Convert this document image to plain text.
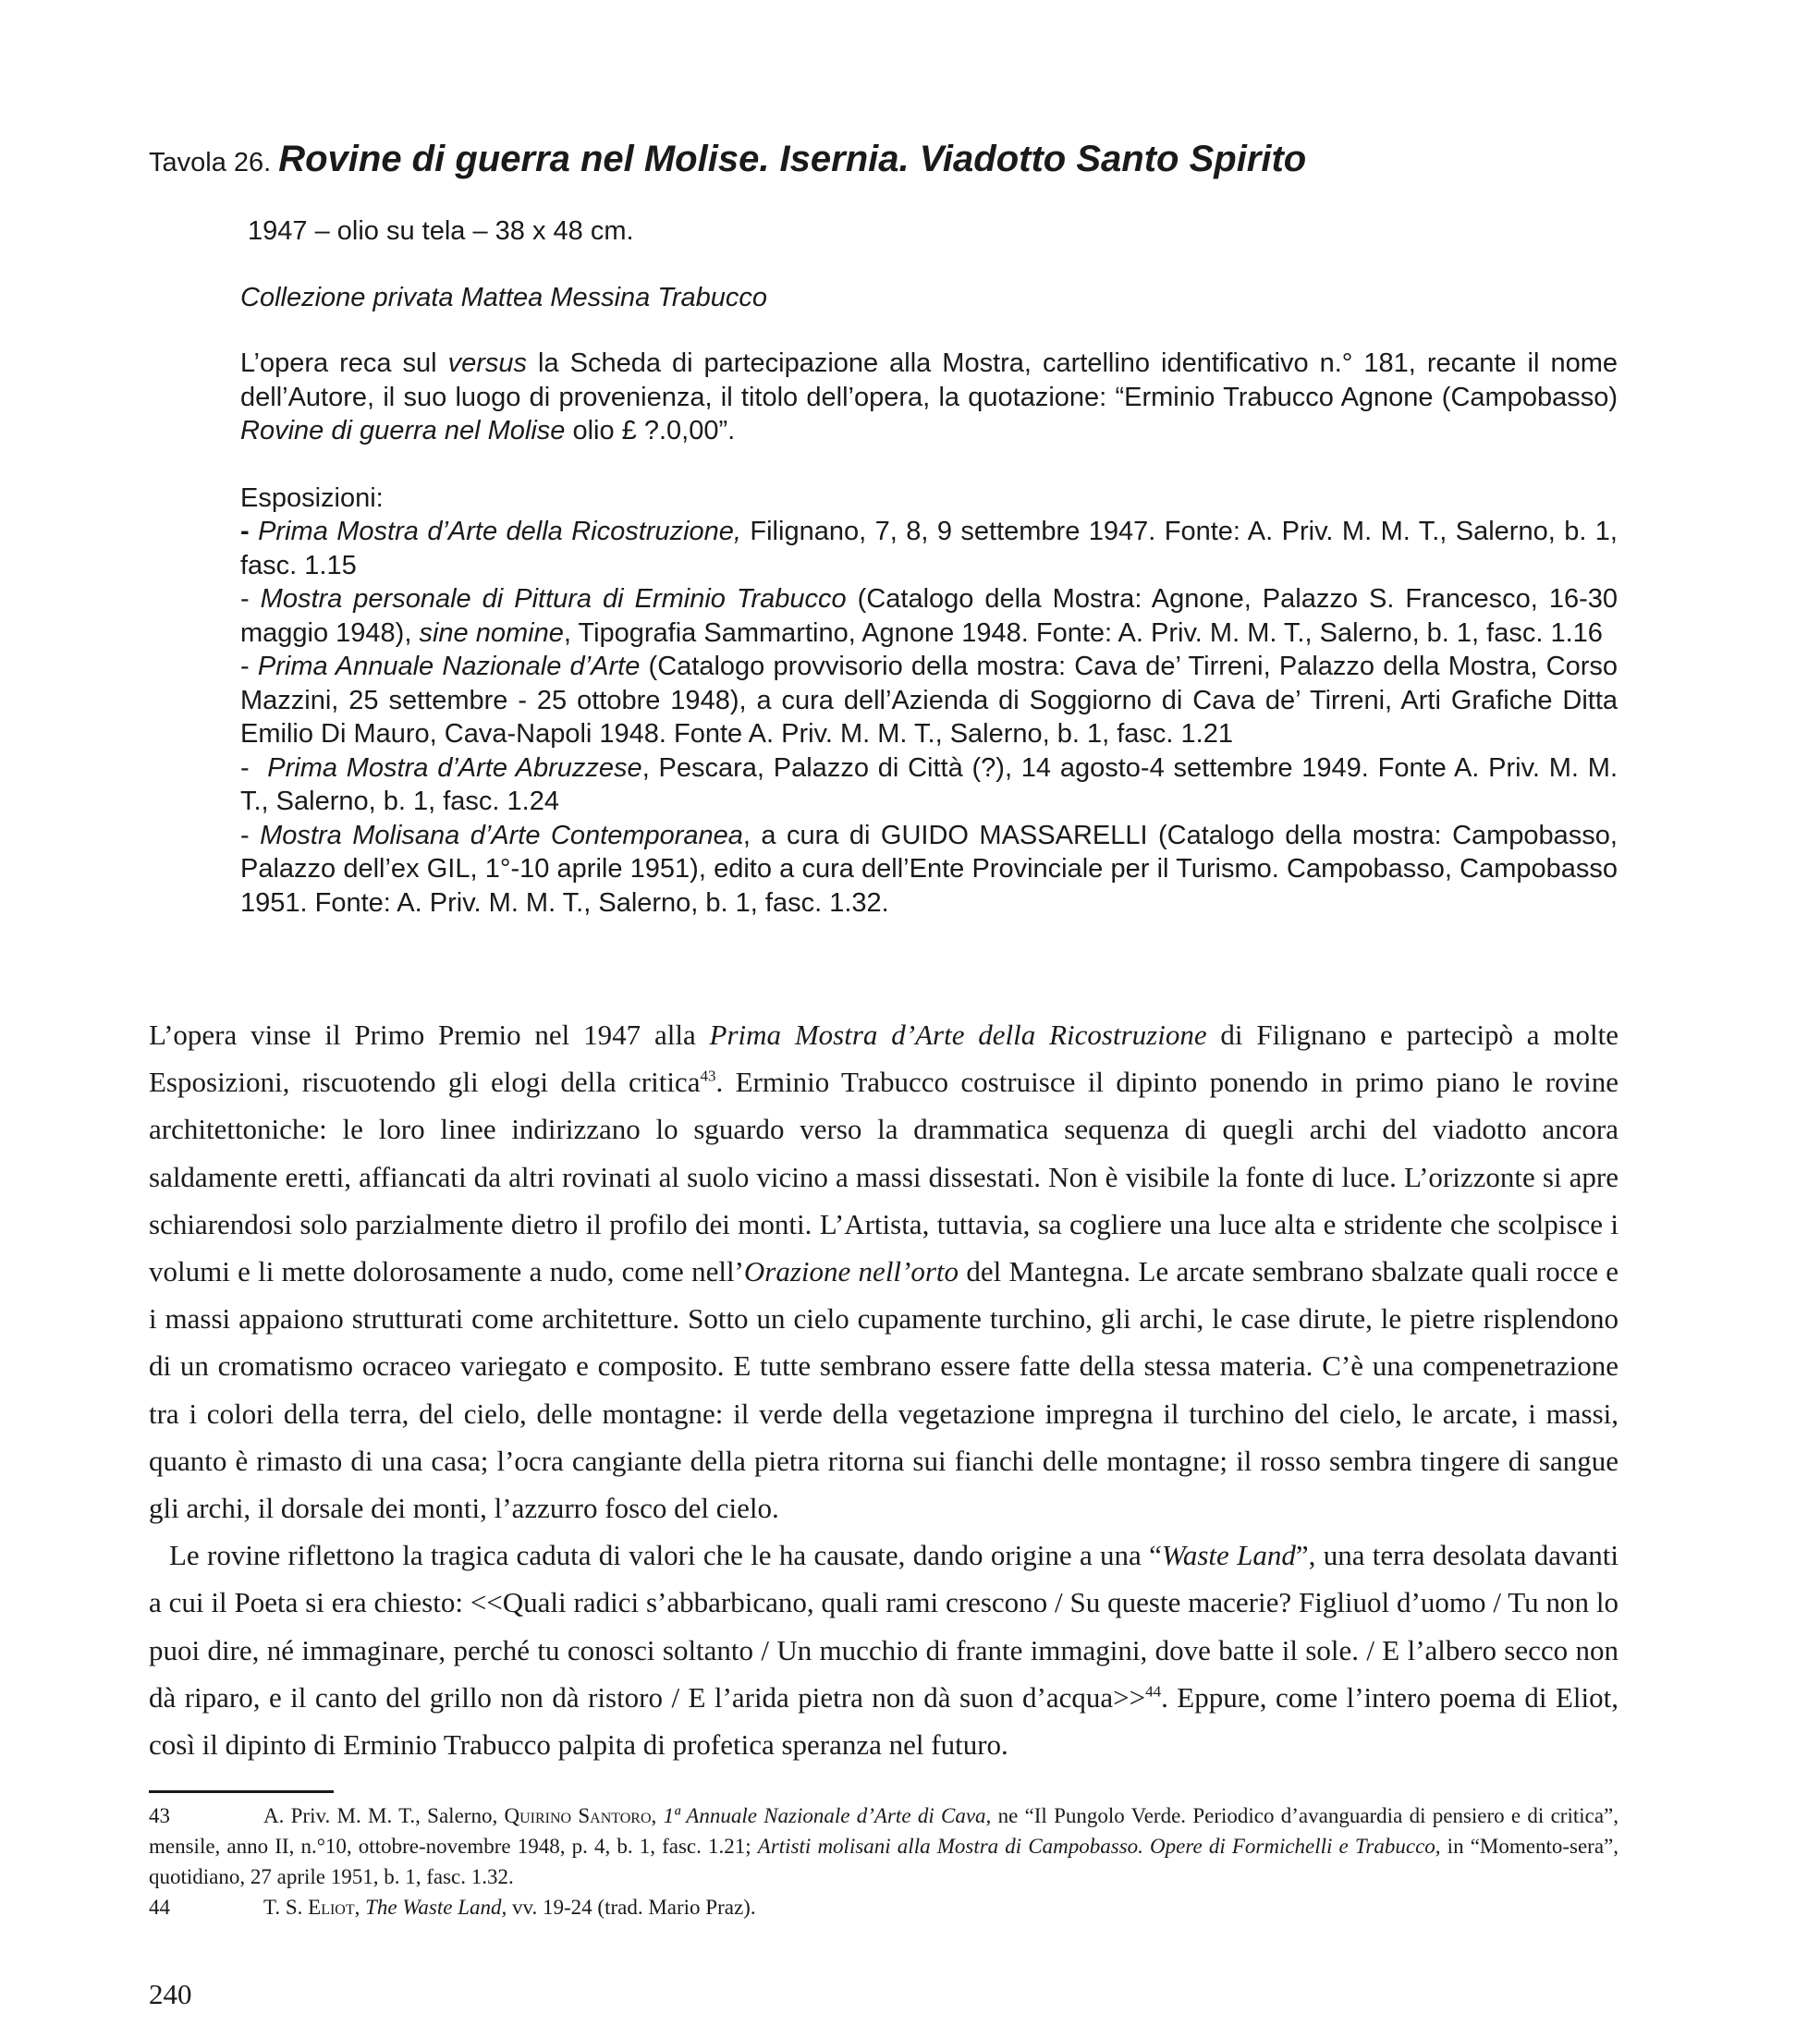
Tavola 26. Rovine di guerra nel Molise. Isernia. Viadotto Santo Spirito

1947 – olio su tela – 38 x 48 cm.

Collezione privata Mattea Messina Trabucco

L’opera reca sul versus la Scheda di partecipazione alla Mostra, cartellino identificativo n.° 181, recante il nome dell’Autore, il suo luogo di provenienza, il titolo dell’opera, la quotazione: “Erminio Trabucco Agnone (Campobasso) Rovine di guerra nel Molise olio £ ?.0,00”.

Esposizioni:

- Prima Mostra d’Arte della Ricostruzione, Filignano, 7, 8, 9 settembre 1947. Fonte: A. Priv. M. M. T., Salerno, b. 1, fasc. 1.15

- Mostra personale di Pittura di Erminio Trabucco (Catalogo della Mostra: Agnone, Palazzo S. Francesco, 16-30 maggio 1948), sine nomine, Tipografia Sammartino, Agnone 1948. Fonte: A. Priv. M. M. T., Salerno, b. 1, fasc. 1.16

- Prima Annuale Nazionale d’Arte (Catalogo provvisorio della mostra: Cava de’ Tirreni, Palazzo della Mostra, Corso Mazzini, 25 settembre - 25 ottobre 1948), a cura dell’Azienda di Soggiorno di Cava de’ Tirreni, Arti Grafiche Ditta Emilio Di Mauro, Cava-Napoli 1948. Fonte A. Priv. M. M. T., Salerno, b. 1, fasc. 1.21

-  Prima Mostra d’Arte Abruzzese, Pescara, Palazzo di Città (?), 14 agosto-4 settembre 1949. Fonte A. Priv. M. M. T., Salerno, b. 1, fasc. 1.24

- Mostra Molisana d’Arte Contemporanea, a cura di GUIDO MASSARELLI (Catalogo della mostra: Campobasso, Palazzo dell’ex GIL, 1°-10 aprile 1951), edito a cura dell’Ente Provinciale per il Turismo. Campobasso, Campobasso 1951. Fonte: A. Priv. M. M. T., Salerno, b. 1, fasc. 1.32.

L’opera vinse il Primo Premio nel 1947 alla Prima Mostra d’Arte della Ricostruzione di Filignano e partecipò a molte Esposizioni, riscuotendo gli elogi della critica$^{43}$. Erminio Trabucco costruisce il dipinto ponendo in primo piano le rovine architettoniche: le loro linee indirizzano lo sguardo verso la drammatica sequenza di quegli archi del viadotto ancora saldamente eretti, affiancati da altri rovinati al suolo vicino a massi dissestati. Non è visibile la fonte di luce. L’orizzonte si apre schiarendosi solo parzialmente dietro il profilo dei monti. L’Artista, tuttavia, sa cogliere una luce alta e stridente che scolpisce i volumi e li mette dolorosamente a nudo, come nell’Orazione nell’orto del Mantegna. Le arcate sembrano sbalzate quali rocce e i massi appaiono strutturati come architetture. Sotto un cielo cupamente turchino, gli archi, le case dirute, le pietre risplendono di un cromatismo ocraceo variegato e composito. E tutte sembrano essere fatte della stessa materia. C’è una compenetrazione tra i colori della terra, del cielo, delle montagne: il verde della vegetazione impregna il turchino del cielo, le arcate, i massi, quanto è rimasto di una casa; l’ocra cangiante della pietra ritorna sui fianchi delle montagne; il rosso sembra tingere di sangue gli archi, il dorsale dei monti, l’azzurro fosco del cielo.

Le rovine riflettono la tragica caduta di valori che le ha causate, dando origine a una “Waste Land”, una terra desolata davanti a cui il Poeta si era chiesto: <<Quali radici s’abbarbicano, quali rami crescono / Su queste macerie? Figliuol d’uomo / Tu non lo puoi dire, né immaginare, perché tu conosci soltanto / Un mucchio di frante immagini, dove batte il sole. / E l’albero secco non dà riparo, e il canto del grillo non dà ristoro / E l’arida pietra non dà suon d’acqua>>$^{44}$. Eppure, come l’intero poema di Eliot, così il dipinto di Erminio Trabucco palpita di profetica speranza nel futuro.

43	A. Priv. M. M. T., Salerno, Quirino Santoro, 1ª Annuale Nazionale d’Arte di Cava, ne “Il Pungolo Verde. Periodico d’avanguardia di pensiero e di critica”, mensile, anno II, n.°10, ottobre-novembre 1948, p. 4, b. 1, fasc. 1.21; Artisti molisani alla Mostra di Campobasso. Opere di Formichelli e Trabucco, in “Momento-sera”, quotidiano, 27 aprile 1951, b. 1, fasc. 1.32.

44	T. S. Eliot, The Waste Land, vv. 19-24 (trad. Mario Praz).

240
